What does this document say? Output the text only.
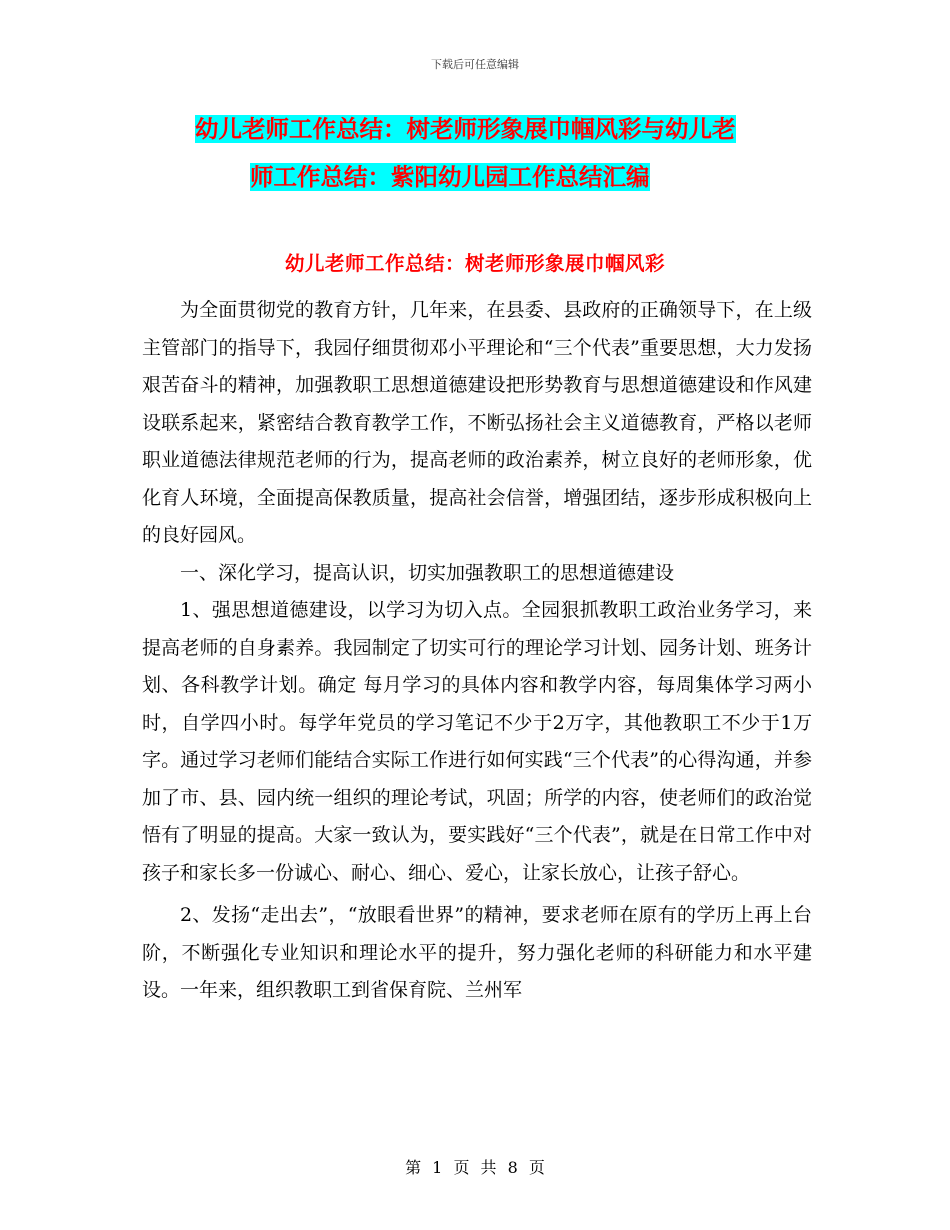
下载后可任意编辑
幼儿老师工作总结：树老师形象展巾帼风彩与幼儿老
师工作总结：紫阳幼儿园工作总结汇编
幼儿老师工作总结：树老师形象展巾帼风彩

为全面贯彻党的教育方针，几年来，在县委、县政府的正确领导下，在上级主管部门的指导下，我园仔细贯彻邓小平理论和“三个代表”重要思想，大力发扬艰苦奋斗的精神，加强教职工思想道德建设把形势教育与思想道德建设和作风建设联系起来，紧密结合教育教学工作，不断弘扬社会主义道德教育，严格以老师职业道德法律规范老师的行为，提高老师的政治素养，树立良好的老师形象，优化育人环境，全面提高保教质量，提高社会信誉，增强团结，逐步形成积极向上的良好园风。

一、深化学习，提高认识，切实加强教职工的思想道德建设

1、强思想道德建设，以学习为切入点。全园狠抓教职工政治业务学习，来提高老师的自身素养。我园制定了切实可行的理论学习计划、园务计划、班务计划、各科教学计划。确定 每月学习的具体内容和教学内容，每周集体学习两小时，自学四小时。每学年党员的学习笔记不少于2万字，其他教职工不少于1万字。通过学习老师们能结合实际工作进行如何实践“三个代表”的心得沟通，并参加了市、县、园内统一组织的理论考试，巩固；所学的内容，使老师们的政治觉悟有了明显的提高。大家一致认为，要实践好“三个代表”，就是在日常工作中对孩子和家长多一份诚心、耐心、细心、爱心，让家长放心，让孩子舒心。

2、发扬“走出去”，“放眼看世界”的精神，要求老师在原有的学历上再上台阶，不断强化专业知识和理论水平的提升，努力强化老师的科研能力和水平建设。一年来，组织教职工到省保育院、兰州军

第 1 页 共 8 页
